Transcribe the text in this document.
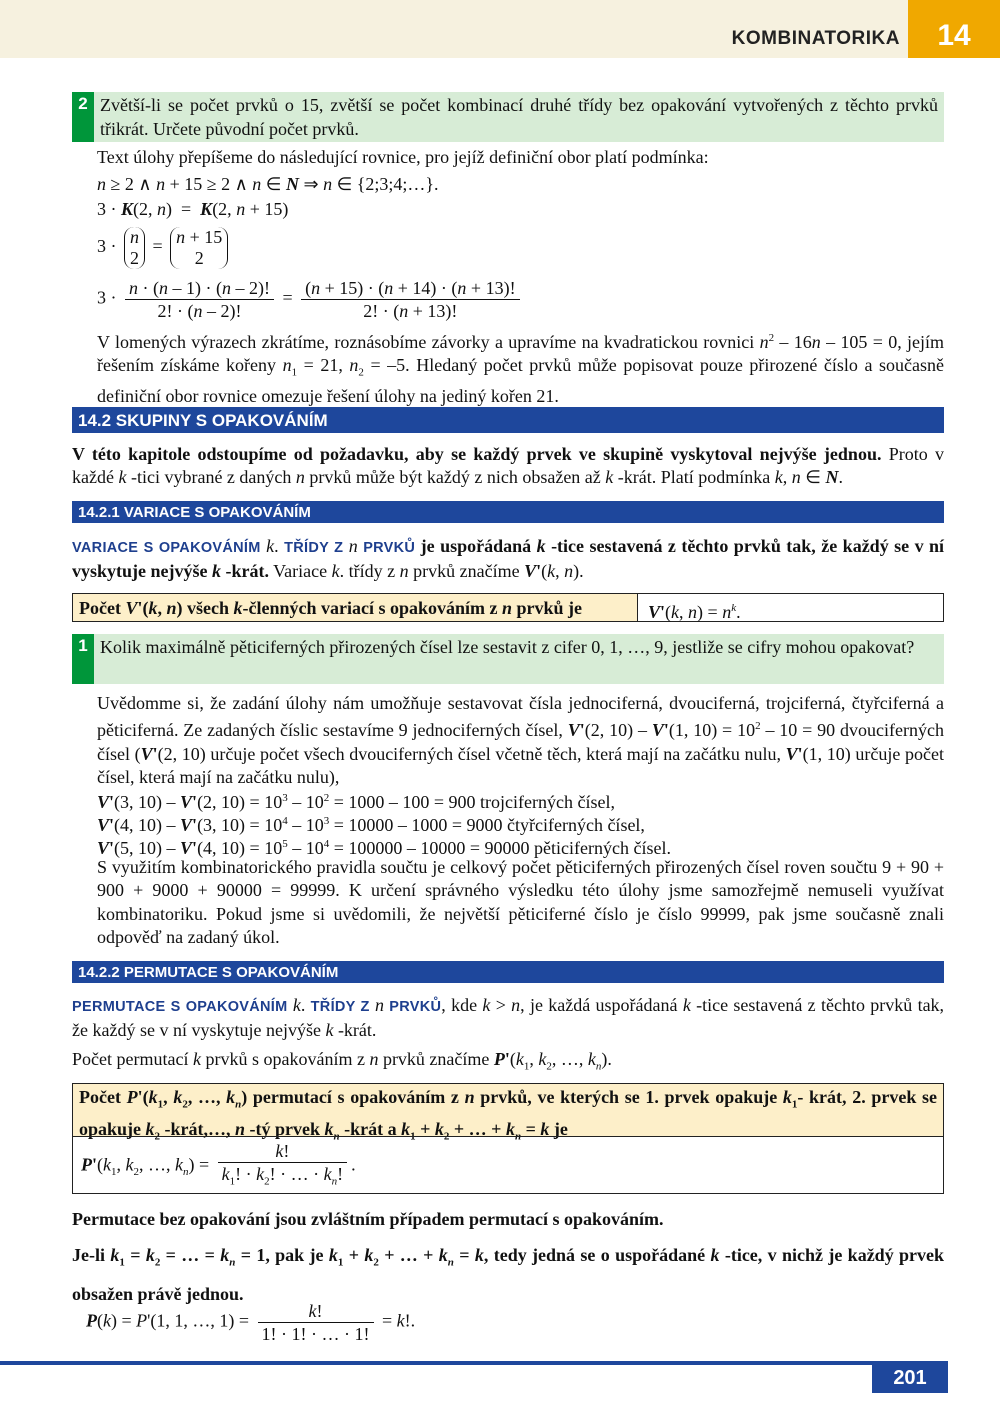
KOMBINATORIKA	14
2 Zvětší-li se počet prvků o 15, zvětší se počet kombinací druhé třídy bez opakování vytvořených z těchto prvků třikrát. Určete původní počet prvků.
Text úlohy přepíšeme do následující rovnice, pro jejíž definiční obor platí podmínka:
n ≥ 2 ∧ n + 15 ≥ 2 ∧ n ∈ N ⇒ n ∈ {2;3;4;…}.
3 · K(2, n)  =  K(2, n + 15)
3 · n
2 = n + 15
2
$3 \cdot \frac{n \cdot (n - 1) \cdot (n - 2)!}{2! \cdot (n - 2)!} = \frac{(n + 15) \cdot (n + 14) \cdot (n + 13)!}{2! \cdot (n + 13)!}$
V lomených výrazech zkrátíme, roznásobíme závorky a upravíme na kvadratickou rovnici $n^2 - 16n - 105 = 0$, jejím řešením získáme kořeny $n_1 = 21$, $n_2 = -5$. Hledaný počet prvků může popisovat pouze přirozené číslo a současně definiční obor rovnice omezuje řešení úlohy na jediný kořen 21.
14.2 SKUPINY S OPAKOVÁNÍM
V této kapitole odstoupíme od požadavku, aby se každý prvek ve skupině vyskytoval nejvýše jednou. Proto v každé k -tici vybrané z daných n prvků může být každý z nich obsažen až k -krát. Platí podmínka k, n ∈ N.
14.2.1 VARIACE S OPAKOVÁNÍM
VARIACE S OPAKOVÁNÍM k. TŘÍDY Z n PRVKŮ je uspořádaná k -tice sestavená z těchto prvků tak, že každý se v ní vyskytuje nejvýše k -krát. Variace k. třídy z n prvků značíme V'(k, n).
Počet V'(k, n) všech k-členných variací s opakováním z n prvků je	V'(k, $n) = n^k$.
1 Kolik maximálně pěticiferných přirozených čísel lze sestavit z cifer 0, 1, …, 9, jestliže se cifry mohou opakovat?
Uvědomme si, že zadání úlohy nám umožňuje sestavovat čísla jednociferná, dvouciferná, trojciferná, čtyřciferná a pěticiferná. Ze zadaných číslic sestavíme 9 jednociferných čísel, V'(2, 10) – V'(1, $10) = 10^2 - 10 = 90$ dvouciferných čísel (V'(2, 10) určuje počet všech dvouciferných čísel včetně těch, která mají na začátku nulu, V'(1, 10) určuje počet čísel, která mají na začátku nulu),
V'(3, 10) – V'(2, $10) = 10^3 - 10^2 = 1000 - 100 = 900$ trojciferných čísel,
V'(4, 10) – V'(3, $10) = 10^4 - 10^3 = 10000 - 1000 = 9000$ čtyřciferných čísel,
V'(5, 10) – V'(4, $10) = 10^5 - 10^4 = 100000 - 10000 = 90000$ pěticiferných čísel.
S využitím kombinatorického pravidla součtu je celkový počet pěticiferných přirozených čísel roven součtu 9 + 90 + 900 + 9000 + 90000 = 99999. K určení správného výsledku této úlohy jsme samozřejmě nemuseli využívat kombinatoriku. Pokud jsme si uvědomili, že největší pěticiferné číslo je číslo 99999, pak jsme současně znali odpověď na zadaný úkol.
14.2.2 PERMUTACE S OPAKOVÁNÍM
PERMUTACE S OPAKOVÁNÍM k. TŘÍDY Z n PRVKŮ, kde k > n, je každá uspořádaná k -tice sestavená z těchto prvků tak, že každý se v ní vyskytuje nejvýše k -krát.
Počet permutací k prvků s opakováním z n prvků značíme $P'(k_1$, $k_2$, …, $k_n$).
Počet $P'(k_1$, $k_2$, …, $k_n$) permutací s opakováním z n prvků, ve kterých se 1. prvek opakuje $k_1-$ krát, 2. prvek se opakuje $k_2$ -krát,…, n -tý prvek $k_n$ -krát a $k_1 + k_2$ + … + $k_n = k$ je
$P'(k_1$, $k_2$, …, $k_n) = \frac{k!}{k_1! \cdot k_2! \cdot \dots \cdot k_n!}$ .
Permutace bez opakování jsou zvláštním případem permutací s opakováním.
Je-li $k_1 = k_2$ = … = $k_n = 1$, pak je $k_1 + k_2$ + … + $k_n = k$, tedy jedná se o uspořádané k -tice, v nichž je každý prvek obsažen právě jednou.
P(k) = P'(1, 1, …, $1) = \frac{k!}{1! \cdot 1! \cdot \dots \cdot 1!} = k$!.
201
